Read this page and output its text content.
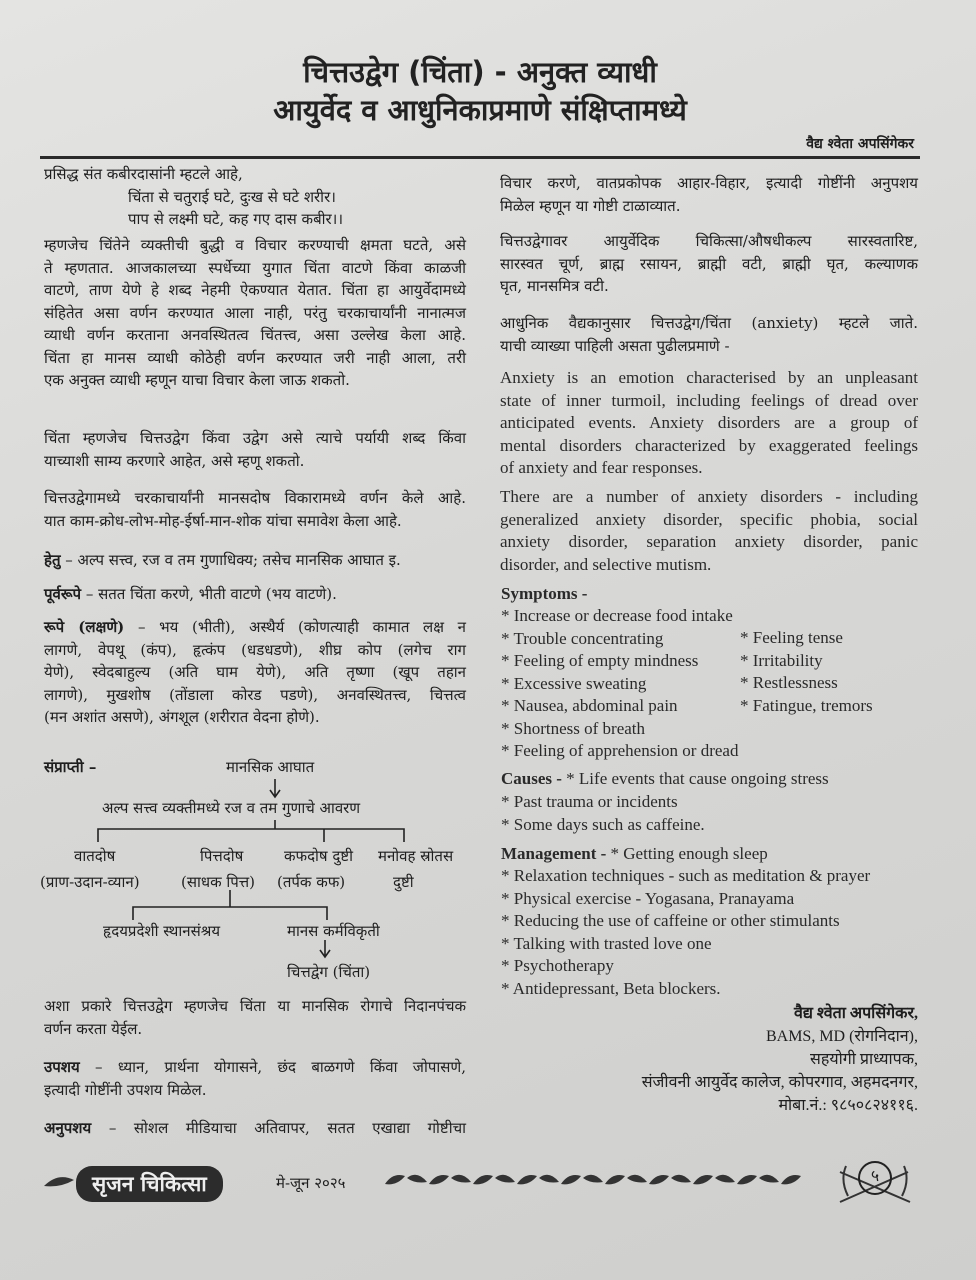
चित्तउद्वेग (चिंता) - अनुक्त व्याधी
आयुर्वेद व आधुनिकाप्रमाणे संक्षिप्तामध्ये
वैद्य श्वेता अपसिंगेकर
प्रसिद्ध संत कबीरदासांनी म्हटले आहे,
चिंता से चतुराई घटे, दुःख से घटे शरीर।
पाप से लक्ष्मी घटे, कह गए दास कबीर।।
म्हणजेच चिंतेने व्यक्तीची बुद्धी व विचार करण्याची क्षमता घटते, असे
ते म्हणतात. आजकालच्या स्पर्धेच्या युगात चिंता वाटणे किंवा काळजी
वाटणे, ताण येणे हे शब्द नेहमी ऐकण्यात येतात. चिंता हा आयुर्वेदामध्ये
संहितेत असा वर्णन करण्यात आला नाही, परंतु चरकाचार्यांनी नानात्मज
व्याधी वर्णन करताना अनवस्थितत्व चिंतत्त्व, असा उल्लेख केला आहे.
चिंता हा मानस व्याधी कोठेही वर्णन करण्यात जरी नाही आला, तरी
एक अनुक्त व्याधी म्हणून याचा विचार केला जाऊ शकतो.
चिंता म्हणजेच चित्तउद्वेग किंवा उद्वेग असे त्याचे पर्यायी शब्द किंवा
याच्याशी साम्य करणारे आहेत, असे म्हणू शकतो.
चित्तउद्वेगामध्ये चरकाचार्यांनी मानसदोष विकारामध्ये वर्णन केले आहे.
यात काम-क्रोध-लोभ-मोह-ईर्षा-मान-शोक यांचा समावेश केला आहे.
हेतु – अल्प सत्त्व, रज व तम गुणाधिक्य; तसेच मानसिक आघात इ.
पूर्वरूपे – सतत चिंता करणे, भीती वाटणे (भय वाटणे).
रूपे (लक्षणे) – भय (भीती), अस्थैर्य (कोणत्याही कामात लक्ष न
लागणे, वेपथू (कंप), हृत्कंप (धडधडणे), शीघ्र कोप (लगेच राग
येणे), स्वेदबाहुल्य (अति घाम येणे), अति तृष्णा (खूप तहान
लागणे), मुखशोष (तोंडाला कोरड पडणे), अनवस्थितत्त्व, चित्तत्व
(मन अशांत असणे), अंगशूल (शरीरात वेदना होणे).
संप्राप्ती –	मानसिक आघात
अल्प सत्त्व व्यक्तीमध्ये रज व तम गुणाचे आवरण
वातदोष
(प्राण-उदान-व्यान)
पित्तदोष
(साधक पित्त)
कफदोष दुष्टी
(तर्पक कफ)
मनोवह स्रोतस
दुष्टी
हृदयप्रदेशी स्थानसंश्रय	मानस कर्मविकृती
चित्तद्वेग (चिंता)
अशा प्रकारे चित्तउद्वेग म्हणजेच चिंता या मानसिक रोगाचे निदानपंचक
वर्णन करता येईल.
उपशय – ध्यान, प्रार्थना योगासने, छंद बाळगणे किंवा जोपासणे,
इत्यादी गोष्टींनी उपशय मिळेल.
अनुपशय – सोशल मीडियाचा अतिवापर, सतत एखाद्या गोष्टीचा
विचार करणे, वातप्रकोपक आहार-विहार, इत्यादी गोष्टींनी अनुपशय
मिळेल म्हणून या गोष्टी टाळाव्यात.
चित्तउद्वेगावर आयुर्वेदिक चिकित्सा/औषधीकल्प सारस्वतारिष्ट,
सारस्वत चूर्ण, ब्राह्म रसायन, ब्राह्मी वटी, ब्राह्मी घृत, कल्याणक
घृत, मानसमित्र वटी.
आधुनिक वैद्यकानुसार चित्तउद्वेग/चिंता (anxiety) म्हटले जाते.
याची व्याख्या पाहिली असता पुढीलप्रमाणे -
Anxiety is an emotion characterised by an unpleasant
state of inner turmoil, including feelings of dread over
anticipated events. Anxiety disorders are a group of
mental disorders characterized by exaggerated feelings
of anxiety and fear responses.
There are a number of anxiety disorders - including
generalized anxiety disorder, specific phobia, social
anxiety disorder, separation anxiety disorder, panic
disorder, and selective mutism.
Symptoms -
* Increase or decrease food intake
* Trouble concentrating
* Feeling of empty mindness
* Excessive sweating
* Nausea, abdominal pain
* Shortness of breath
* Feeling of apprehension or dread
* Feeling tense
* Irritability
* Restlessness
* Fatingue, tremors
Causes - * Life events that cause ongoing stress
* Past trauma or incidents
* Some days such as caffeine.
Management - * Getting enough sleep
* Relaxation techniques - such as meditation & prayer
* Physical exercise - Yogasana, Pranayama
* Reducing the use of caffeine or other stimulants
* Talking with trasted love one
* Psychotherapy
* Antidepressant, Beta blockers.
वैद्य श्वेता अपसिंगेकर,
BAMS, MD (रोगनिदान),
सहयोगी प्राध्यापक,
संजीवनी आयुर्वेद कालेज, कोपरगाव, अहमदनगर,
मोबा.नं.: ९८५०८२४११६.
५
सृजन चिकित्सा	मे-जून २०२५
